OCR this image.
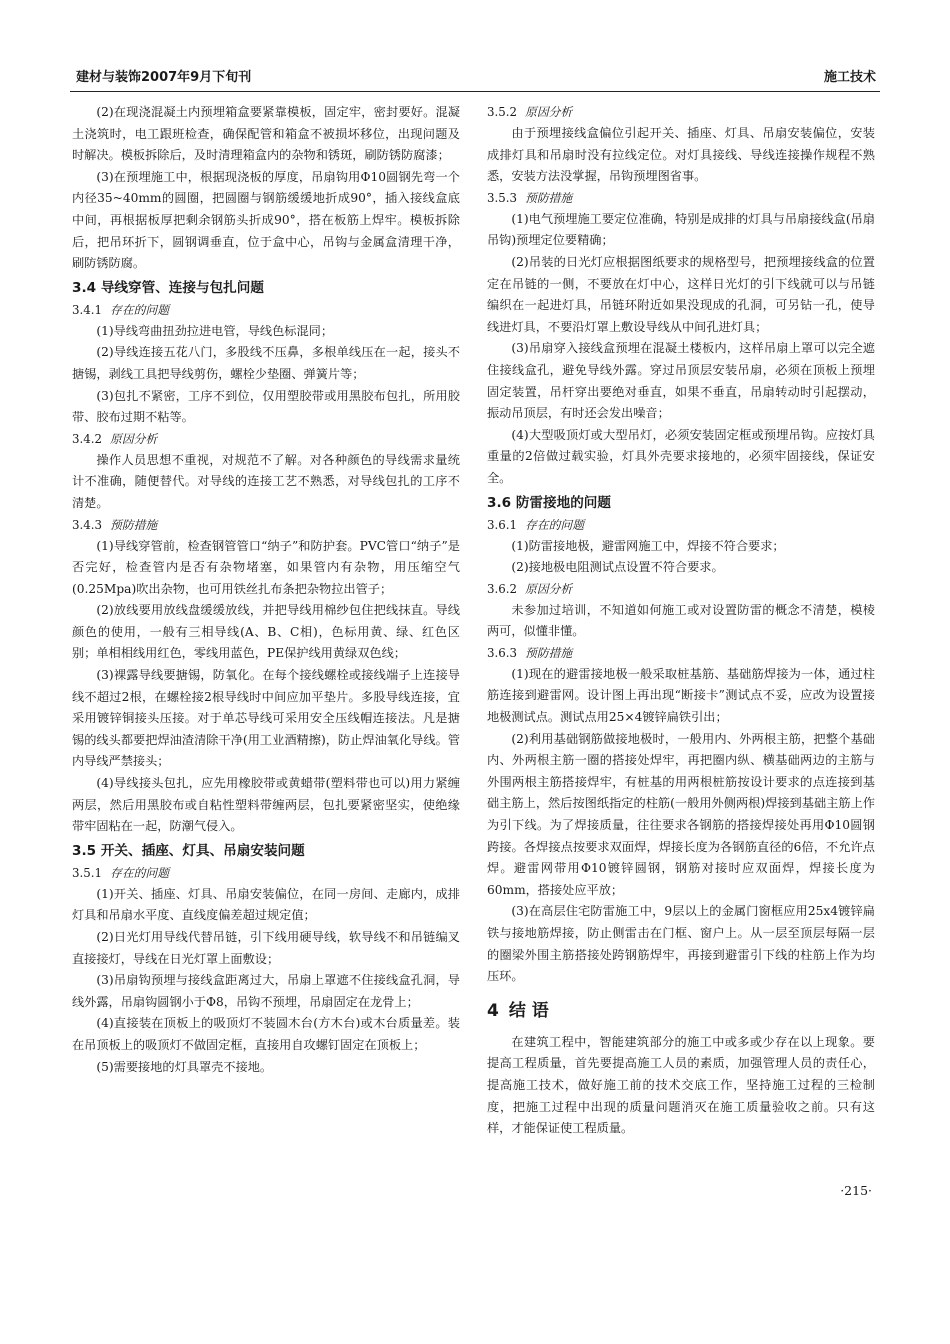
建材与装饰2007年9月下旬刊	施工技术

(2)在现浇混凝土内预埋箱盒要紧靠模板，固定牢，密封要好。混凝土浇筑时，电工跟班检查，确保配管和箱盒不被损坏移位，出现问题及时解决。模板拆除后，及时清理箱盒内的杂物和锈斑，刷防锈防腐漆；

(3)在预埋施工中，根据现浇板的厚度，吊扇钩用Φ10圆钢先弯一个内径35~40mm的圆圈，把圆圈与钢筋缓缓地折成90°，插入接线盒底中间，再根据板厚把剩余钢筋头折成90°，搭在板筋上焊牢。模板拆除后，把吊环折下，圆钢调垂直，位于盒中心，吊钩与金属盒清理干净，刷防锈防腐。

3.4 导线穿管、连接与包扎问题
3.4.1 存在的问题

(1)导线弯曲扭劲拉进电管，导线色标混同；

(2)导线连接五花八门，多股线不压鼻，多根单线压在一起，接头不搪锡，剥线工具把导线剪伤，螺栓少垫圈、弹簧片等；

(3)包扎不紧密，工序不到位，仅用塑胶带或用黑胶布包扎，所用胶带、胶布过期不粘等。

3.4.2 原因分析

操作人员思想不重视，对规范不了解。对各种颜色的导线需求量统计不准确，随便替代。对导线的连接工艺不熟悉，对导线包扎的工序不清楚。

3.4.3 预防措施

(1)导线穿管前，检查钢管管口“纳子”和防护套。PVC管口“纳子”是否完好，检查管内是否有杂物堵塞，如果管内有杂物，用压缩空气(0.25Mpa)吹出杂物，也可用铁丝扎布条把杂物拉出管子；

(2)放线要用放线盘缓缓放线，并把导线用棉纱包住把线抹直。导线颜色的使用，一般有三相导线(A、B、C相)，色标用黄、绿、红色区别；单相相线用红色，零线用蓝色，PE保护线用黄绿双色线；

(3)裸露导线要搪锡，防氧化。在每个接线螺栓或接线端子上连接导线不超过2根，在螺栓接2根导线时中间应加平垫片。多股导线连接，宜采用镀锌铜接头压接。对于单芯导线可采用安全压线帽连接法。凡是搪锡的线头都要把焊油渣清除干净(用工业酒精擦)，防止焊油氧化导线。管内导线严禁接头；

(4)导线接头包扎，应先用橡胶带或黄蜡带(塑料带也可以)用力紧缠两层，然后用黑胶布或自粘性塑料带缠两层，包扎要紧密坚实，使绝缘带牢固粘在一起，防潮气侵入。

3.5 开关、插座、灯具、吊扇安装问题
3.5.1 存在的问题

(1)开关、插座、灯具、吊扇安装偏位，在同一房间、走廊内，成排灯具和吊扇水平度、直线度偏差超过规定值；

(2)日光灯用导线代替吊链，引下线用硬导线，软导线不和吊链编叉直接接灯，导线在日光灯罩上面敷设；

(3)吊扇钩预埋与接线盒距离过大，吊扇上罩遮不住接线盒孔洞，导线外露，吊扇钩圆钢小于Φ8，吊钩不预埋，吊扇固定在龙骨上；

(4)直接装在顶板上的吸顶灯不装圆木台(方木台)或木台质量差。装在吊顶板上的吸顶灯不做固定框，直接用自攻螺钉固定在顶板上；

(5)需要接地的灯具罩壳不接地。

3.5.2 原因分析

由于预埋接线盒偏位引起开关、插座、灯具、吊扇安装偏位，安装成排灯具和吊扇时没有拉线定位。对灯具接线、导线连接操作规程不熟悉，安装方法没掌握，吊钩预埋图省事。

3.5.3 预防措施

(1)电气预埋施工要定位准确，特别是成排的灯具与吊扇接线盒(吊扇吊钩)预埋定位要精确；

(2)吊装的日光灯应根据图纸要求的规格型号，把预埋接线盒的位置定在吊链的一侧，不要放在灯中心，这样日光灯的引下线就可以与吊链编织在一起进灯具，吊链环附近如果没现成的孔洞，可另钻一孔，使导线进灯具，不要沿灯罩上敷设导线从中间孔进灯具；

(3)吊扇穿入接线盒预埋在混凝土楼板内，这样吊扇上罩可以完全遮住接线盒孔，避免导线外露。穿过吊顶层安装吊扇，必须在顶板上预埋固定装置，吊杆穿出要绝对垂直，如果不垂直，吊扇转动时引起摆动，振动吊顶层，有时还会发出噪音；

(4)大型吸顶灯或大型吊灯，必须安装固定框或预埋吊钩。应按灯具重量的2倍做过载实验，灯具外壳要求接地的，必须牢固接线，保证安全。

3.6 防雷接地的问题
3.6.1 存在的问题

(1)防雷接地极，避雷网施工中，焊接不符合要求；

(2)接地极电阻测试点设置不符合要求。

3.6.2 原因分析

未参加过培训，不知道如何施工或对设置防雷的概念不清楚，模棱两可，似懂非懂。

3.6.3 预防措施

(1)现在的避雷接地极一般采取桩基筋、基础筋焊接为一体，通过柱筋连接到避雷网。设计图上再出现“断接卡”测试点不妥，应改为设置接地极测试点。测试点用25×4镀锌扁铁引出；

(2)利用基础钢筋做接地极时，一般用内、外两根主筋，把整个基础内、外两根主筋一圈的搭接处焊牢，再把圈内纵、横基础两边的主筋与外围两根主筋搭接焊牢，有桩基的用两根桩筋按设计要求的点连接到基础主筋上，然后按图纸指定的柱筋(一般用外侧两根)焊接到基础主筋上作为引下线。为了焊接质量，往往要求各钢筋的搭接焊接处再用Φ10圆钢跨接。各焊接点按要求双面焊，焊接长度为各钢筋直径的6倍，不允许点焊。避雷网带用Φ10镀锌圆钢，钢筋对接时应双面焊，焊接长度为60mm，搭接处应平放；

(3)在高层住宅防雷施工中，9层以上的金属门窗框应用25x4镀锌扁铁与接地筋焊接，防止侧雷击在门框、窗户上。从一层至顶层每隔一层的圈梁外围主筋搭接处跨钢筋焊牢，再接到避雷引下线的柱筋上作为均压环。

4 结 语

在建筑工程中，智能建筑部分的施工中或多或少存在以上现象。要提高工程质量，首先要提高施工人员的素质，加强管理人员的责任心，提高施工技术，做好施工前的技术交底工作，坚持施工过程的三检制度，把施工过程中出现的质量问题消灭在施工质量验收之前。只有这样，才能保证使工程质量。

·215·
